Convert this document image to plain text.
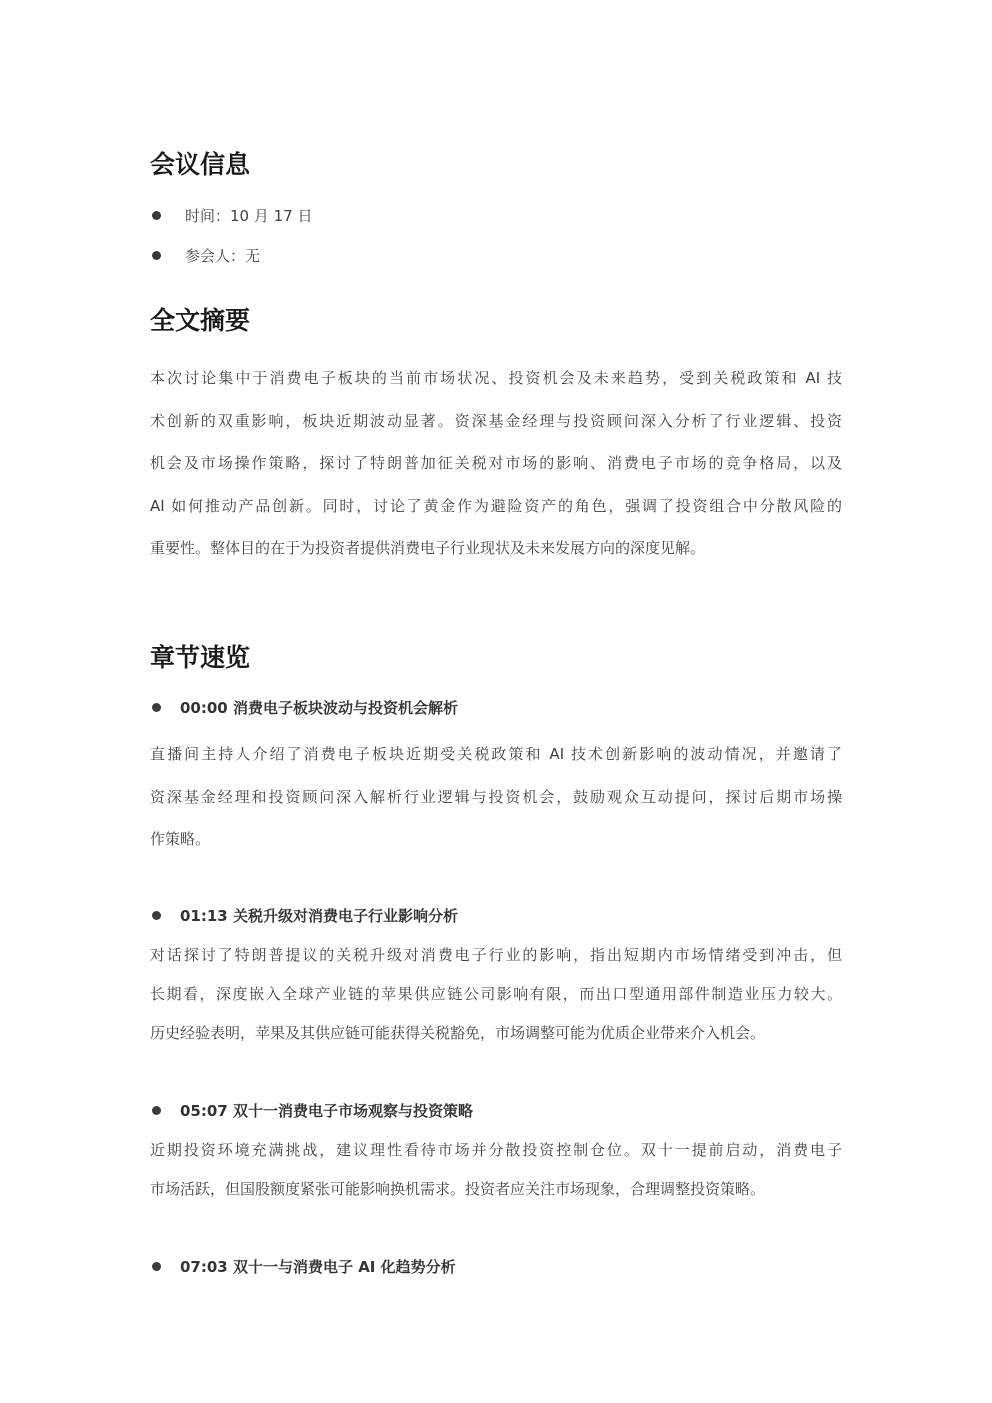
会议信息
时间：10 月 17 日
参会人：无
全文摘要
本次讨论集中于消费电子板块的当前市场状况、投资机会及未来趋势，受到关税政策和 AI 技
术创新的双重影响，板块近期波动显著。资深基金经理与投资顾问深入分析了行业逻辑、投资
机会及市场操作策略，探讨了特朗普加征关税对市场的影响、消费电子市场的竞争格局，以及
AI 如何推动产品创新。同时，讨论了黄金作为避险资产的角色，强调了投资组合中分散风险的
重要性。整体目的在于为投资者提供消费电子行业现状及未来发展方向的深度见解。
章节速览
00:00 消费电子板块波动与投资机会解析
直播间主持人介绍了消费电子板块近期受关税政策和 AI 技术创新影响的波动情况，并邀请了
资深基金经理和投资顾问深入解析行业逻辑与投资机会，鼓励观众互动提问，探讨后期市场操
作策略。
01:13 关税升级对消费电子行业影响分析
对话探讨了特朗普提议的关税升级对消费电子行业的影响，指出短期内市场情绪受到冲击，但
长期看，深度嵌入全球产业链的苹果供应链公司影响有限，而出口型通用部件制造业压力较大。
历史经验表明，苹果及其供应链可能获得关税豁免，市场调整可能为优质企业带来介入机会。
05:07 双十一消费电子市场观察与投资策略
近期投资环境充满挑战，建议理性看待市场并分散投资控制仓位。双十一提前启动，消费电子
市场活跃，但国股额度紧张可能影响换机需求。投资者应关注市场现象，合理调整投资策略。
07:03 双十一与消费电子 AI 化趋势分析
